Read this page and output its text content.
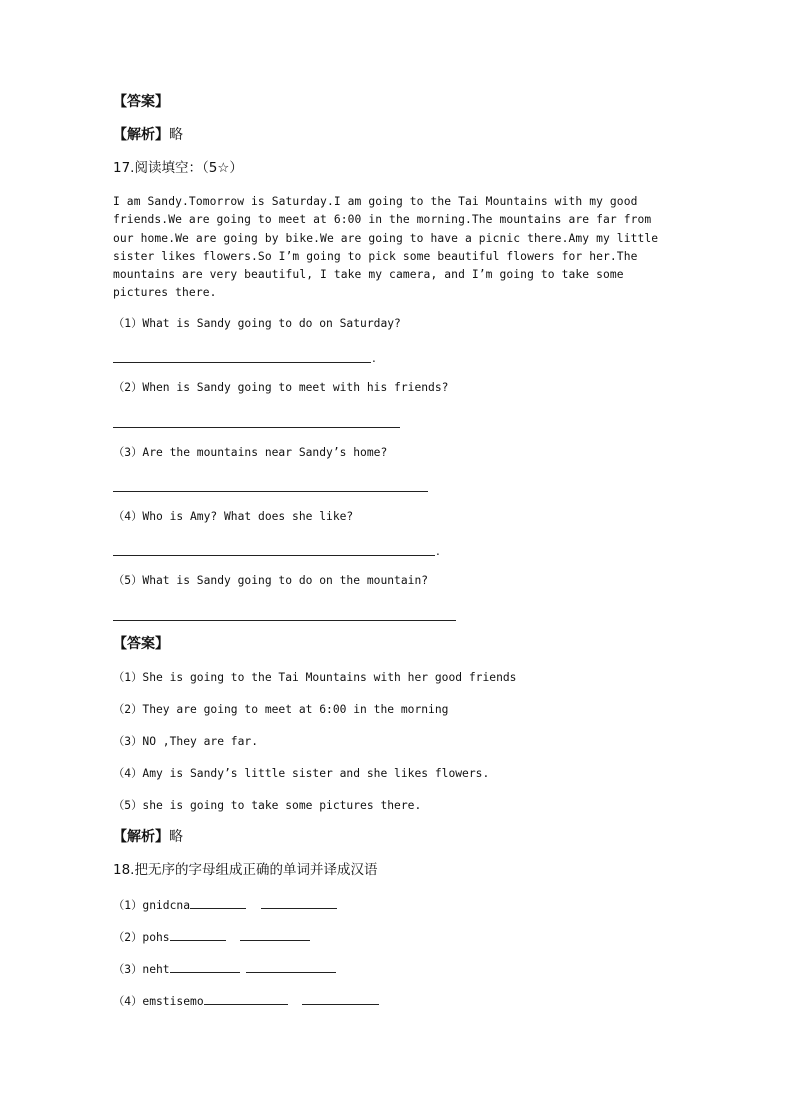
【答案】
【解析】略
17.阅读填空：（5☆）
I am Sandy.Tomorrow is Saturday.I am going to the Tai Mountains with my good
friends.We are going to meet at 6:00 in the morning.The mountains are far from
our home.We are going by bike.We are going to have a picnic there.Amy my little
sister likes flowers.So I’m going to pick some beautiful flowers for her.The
mountains are very beautiful, I take my camera, and I’m going to take some
pictures there.
（1）What is Sandy going to do on Saturday?
.
（2）When is Sandy going to meet with his friends?
（3）Are the mountains near Sandy’s home?
（4）Who is Amy? What does she like?
.
（5）What is Sandy going to do on the mountain?
【答案】
（1）She is going to the Tai Mountains with her good friends
（2）They are going to meet at 6:00 in the morning
（3）NO ,They are far.
（4）Amy is Sandy’s little sister and she likes flowers.
（5）she is going to take some pictures there.
【解析】略
18.把无序的字母组成正确的单词并译成汉语
（1）gnidcna
（2）pohs
（3）neht
（4）emstisemo
